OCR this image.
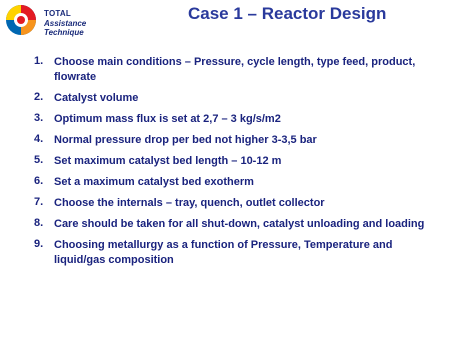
TOTAL
Assistance Technique
Case 1 – Reactor Design
1. Choose main conditions – Pressure, cycle length, type feed, product, flowrate
2. Catalyst volume
3. Optimum mass flux is set at 2,7 – 3 kg/s/m2
4. Normal pressure drop per bed not higher 3-3,5 bar
5. Set maximum catalyst bed length – 10-12 m
6. Set a maximum catalyst bed exotherm
7. Choose the internals – tray, quench, outlet collector
8. Care should be taken for all shut-down, catalyst unloading and loading
9. Choosing metallurgy as a function of Pressure, Temperature and liquid/gas composition
